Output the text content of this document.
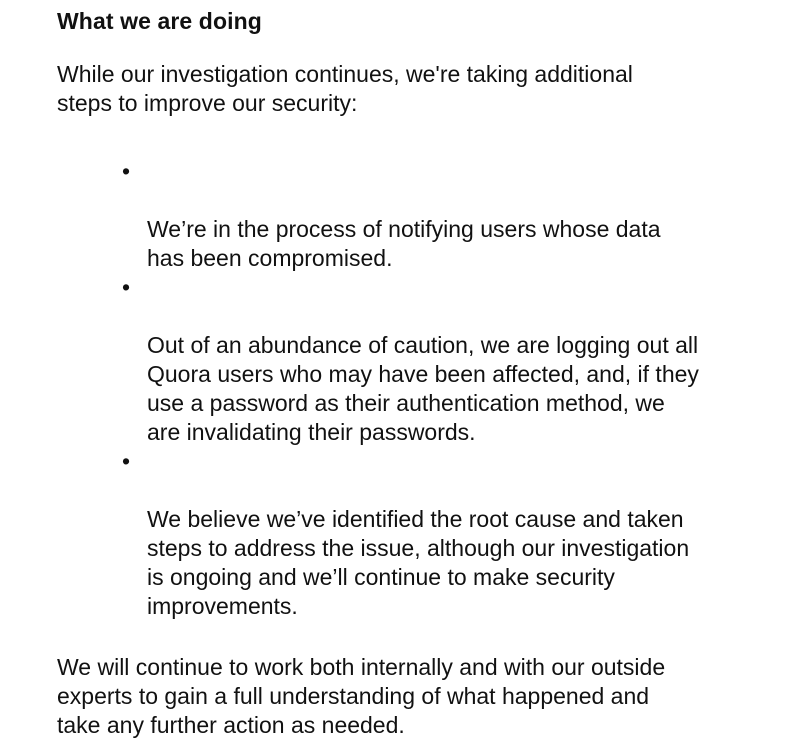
What we are doing

While our investigation continues, we're taking additional
steps to improve our security:

•

We’re in the process of notifying users whose data
has been compromised.

•

Out of an abundance of caution, we are logging out all
Quora users who may have been affected, and, if they
use a password as their authentication method, we
are invalidating their passwords.

•

We believe we’ve identified the root cause and taken
steps to address the issue, although our investigation
is ongoing and we’ll continue to make security
improvements.

We will continue to work both internally and with our outside
experts to gain a full understanding of what happened and
take any further action as needed.
